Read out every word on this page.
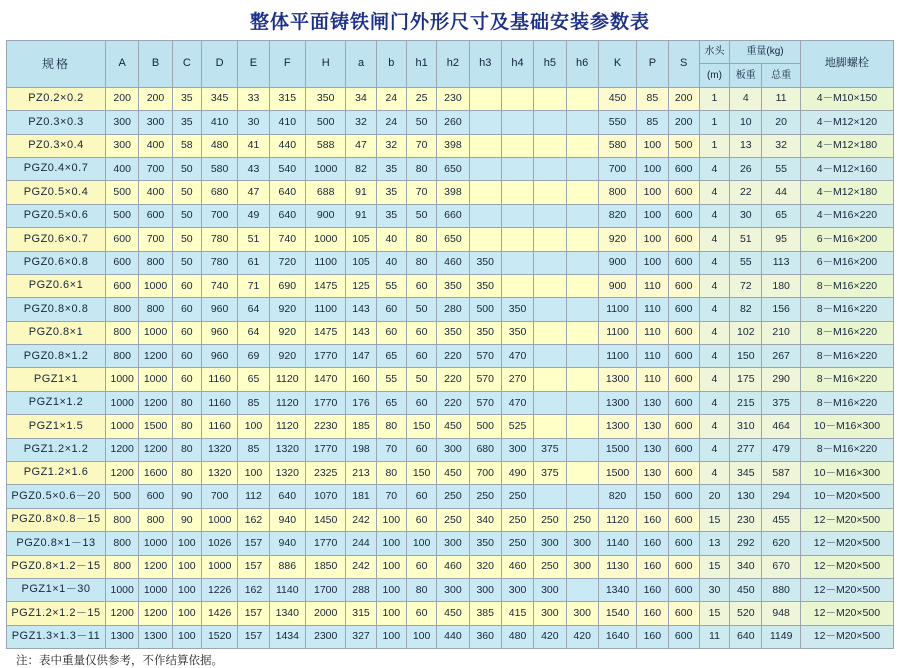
整体平面铸铁闸门外形尺寸及基础安装参数表
规格	A	B	C	D	E	F	H	a	b	h1	h2	h3	h4	h5	h6	K	P	S	水头	重量(kg)		地脚螺栓
																			(m)	板重	总重	
PZ0.2×0.2	200	200	35	345	33	315	350	34	24	25	230					450	85	200	1	4	11	4－M10×150
PZ0.3×0.3	300	300	35	410	30	410	500	32	24	50	260					550	85	200	1	10	20	4－M12×120
PZ0.3×0.4	300	400	58	480	41	440	588	47	32	70	398					580	100	500	1	13	32	4－M12×180
PGZ0.4×0.7	400	700	50	580	43	540	1000	82	35	80	650					700	100	600	4	26	55	4－M12×160
PGZ0.5×0.4	500	400	50	680	47	640	688	91	35	70	398					800	100	600	4	22	44	4－M12×180
PGZ0.5×0.6	500	600	50	700	49	640	900	91	35	50	660					820	100	600	4	30	65	4－M16×220
PGZ0.6×0.7	600	700	50	780	51	740	1000	105	40	80	650					920	100	600	4	51	95	6－M16×200
PGZ0.6×0.8	600	800	50	780	61	720	1100	105	40	80	460	350				900	100	600	4	55	113	6－M16×200
PGZ0.6×1	600	1000	60	740	71	690	1475	125	55	60	350	350				900	110	600	4	72	180	8－M16×220
PGZ0.8×0.8	800	800	60	960	64	920	1100	143	60	50	280	500	350			1100	110	600	4	82	156	8－M16×220
PGZ0.8×1	800	1000	60	960	64	920	1475	143	60	60	350	350	350			1100	110	600	4	102	210	8－M16×220
PGZ0.8×1.2	800	1200	60	960	69	920	1770	147	65	60	220	570	470			1100	110	600	4	150	267	8－M16×220
PGZ1×1	1000	1000	60	1160	65	1120	1470	160	55	50	220	570	270			1300	110	600	4	175	290	8－M16×220
PGZ1×1.2	1000	1200	80	1160	85	1120	1770	176	65	60	220	570	470			1300	130	600	4	215	375	8－M16×220
PGZ1×1.5	1000	1500	80	1160	100	1120	2230	185	80	150	450	500	525			1300	130	600	4	310	464	10－M16×300
PGZ1.2×1.2	1200	1200	80	1320	85	1320	1770	198	70	60	300	680	300	375		1500	130	600	4	277	479	8－M16×220
PGZ1.2×1.6	1200	1600	80	1320	100	1320	2325	213	80	150	450	700	490	375		1500	130	600	4	345	587	10－M16×300
PGZ0.5×0.6－20	500	600	90	700	112	640	1070	181	70	60	250	250	250			820	150	600	20	130	294	10－M20×500
PGZ0.8×0.8－15	800	800	90	1000	162	940	1450	242	100	60	250	340	250	250	250	1120	160	600	15	230	455	12－M20×500
PGZ0.8×1－13	800	1000	100	1026	157	940	1770	244	100	100	300	350	250	300	300	1140	160	600	13	292	620	12－M20×500
PGZ0.8×1.2－15	800	1200	100	1000	157	886	1850	242	100	60	460	320	460	250	300	1130	160	600	15	340	670	12－M20×500
PGZ1×1－30	1000	1000	100	1226	162	1140	1700	288	100	80	300	300	300	300		1340	160	600	30	450	880	12－M20×500
PGZ1.2×1.2－15	1200	1200	100	1426	157	1340	2000	315	100	60	450	385	415	300	300	1540	160	600	15	520	948	12－M20×500
PGZ1.3×1.3－11	1300	1300	100	1520	157	1434	2300	327	100	100	440	360	480	420	420	1640	160	600	11	640	1149	12－M20×500
注：表中重量仅供参考，不作结算依据。
